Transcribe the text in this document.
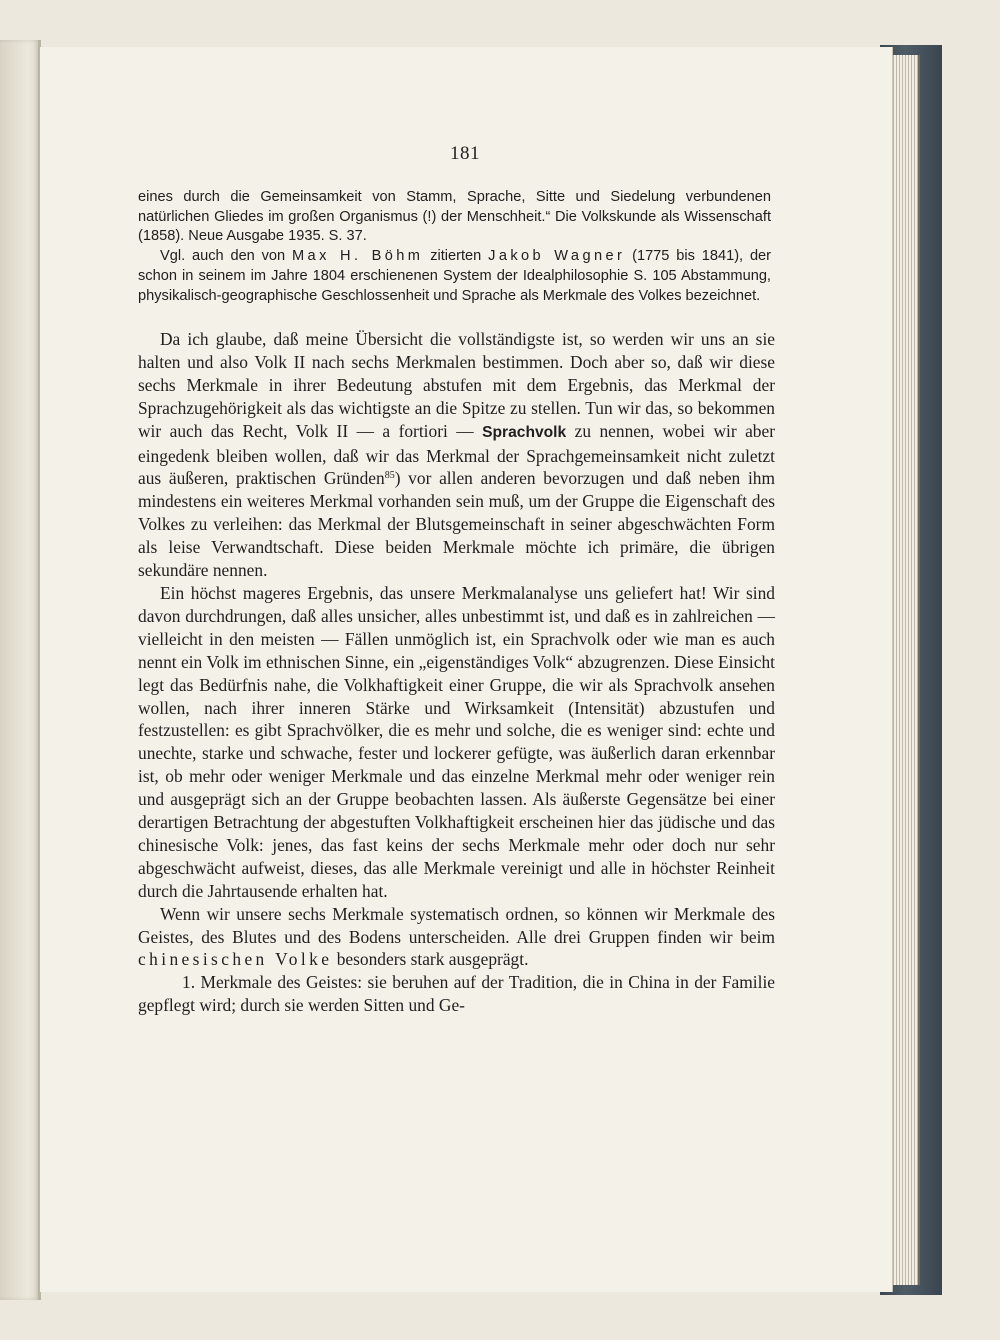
181

eines durch die Gemeinsamkeit von Stamm, Sprache, Sitte und Siedelung verbundenen natürlichen Gliedes im großen Organismus (!) der Menschheit.“ Die Volkskunde als Wissenschaft (1858). Neue Ausgabe 1935. S. 37.

Vgl. auch den von Max H. Böhm zitierten Jakob Wagner (1775 bis 1841), der schon in seinem im Jahre 1804 erschienenen System der Idealphilosophie S. 105 Abstammung, physikalisch-geographische Geschlossenheit und Sprache als Merkmale des Volkes bezeichnet.

Da ich glaube, daß meine Übersicht die vollständigste ist, so werden wir uns an sie halten und also Volk II nach sechs Merkmalen bestimmen. Doch aber so, daß wir diese sechs Merkmale in ihrer Bedeutung abstufen mit dem Ergebnis, das Merkmal der Sprachzugehörigkeit als das wichtigste an die Spitze zu stellen. Tun wir das, so bekommen wir auch das Recht, Volk II — a fortiori — Sprachvolk zu nennen, wobei wir aber eingedenk bleiben wollen, daß wir das Merkmal der Sprachgemeinsamkeit nicht zuletzt aus äußeren, praktischen Gründen$^{85}$) vor allen anderen bevorzugen und daß neben ihm mindestens ein weiteres Merkmal vorhanden sein muß, um der Gruppe die Eigenschaft des Volkes zu verleihen: das Merkmal der Blutsgemeinschaft in seiner abgeschwächten Form als leise Verwandtschaft. Diese beiden Merkmale möchte ich primäre, die übrigen sekundäre nennen.

Ein höchst mageres Ergebnis, das unsere Merkmalanalyse uns geliefert hat! Wir sind davon durchdrungen, daß alles unsicher, alles unbestimmt ist, und daß es in zahlreichen — vielleicht in den meisten — Fällen unmöglich ist, ein Sprachvolk oder wie man es auch nennt ein Volk im ethnischen Sinne, ein „eigenständiges Volk“ abzugrenzen. Diese Einsicht legt das Bedürfnis nahe, die Volkhaftigkeit einer Gruppe, die wir als Sprachvolk ansehen wollen, nach ihrer inneren Stärke und Wirksamkeit (Intensität) abzustufen und festzustellen: es gibt Sprachvölker, die es mehr und solche, die es weniger sind: echte und unechte, starke und schwache, fester und lockerer gefügte, was äußerlich daran erkennbar ist, ob mehr oder weniger Merkmale und das einzelne Merkmal mehr oder weniger rein und ausgeprägt sich an der Gruppe beobachten lassen. Als äußerste Gegensätze bei einer derartigen Betrachtung der abgestuften Volkhaftigkeit erscheinen hier das jüdische und das chinesische Volk: jenes, das fast keins der sechs Merkmale mehr oder doch nur sehr abgeschwächt aufweist, dieses, das alle Merkmale vereinigt und alle in höchster Reinheit durch die Jahrtausende erhalten hat.

Wenn wir unsere sechs Merkmale systematisch ordnen, so können wir Merkmale des Geistes, des Blutes und des Bodens unterscheiden. Alle drei Gruppen finden wir beim chinesischen Volke besonders stark ausgeprägt.

1. Merkmale des Geistes: sie beruhen auf der Tradition, die in China in der Familie gepflegt wird; durch sie werden Sitten und Ge-
